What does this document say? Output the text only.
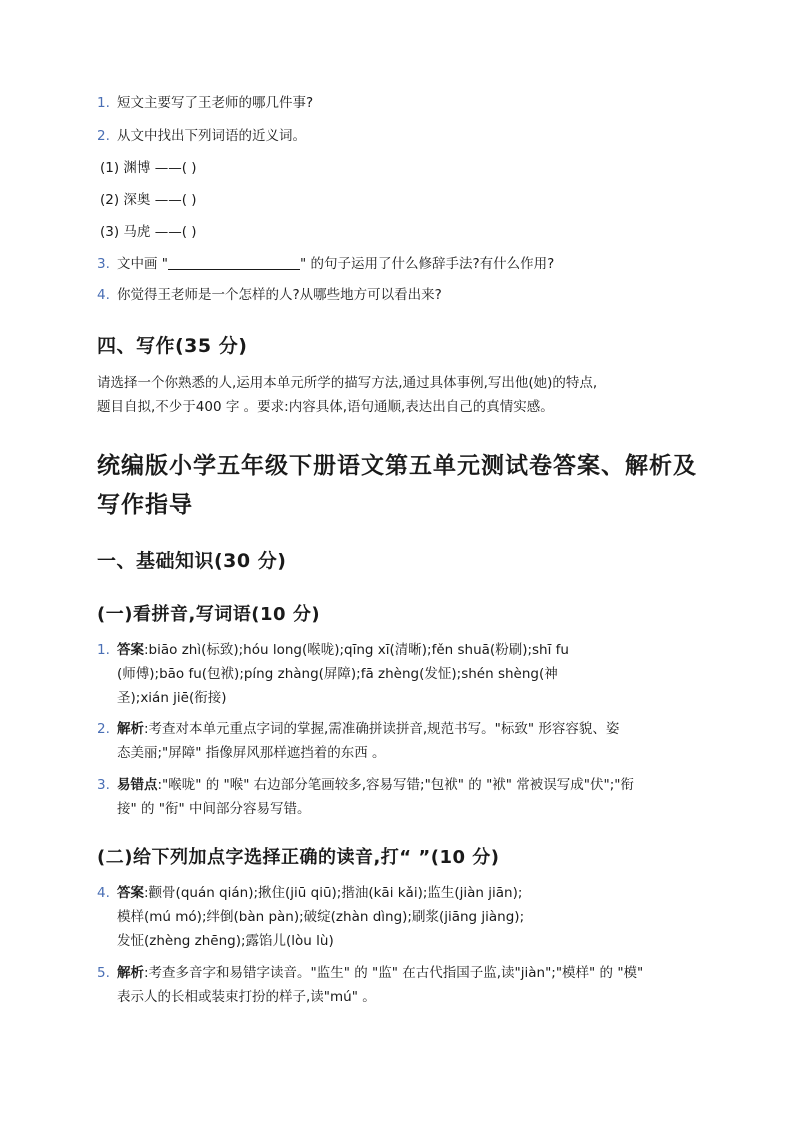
1. 短文主要写了王老师的哪几件事?
2. 从文中找出下列词语的近义词。
(1) 渊博 ——( )
(2) 深奥 ——( )
(3) 马虎 ——( )
3. 文中画 "	" 的句子运用了什么修辞手法?有什么作用?
4. 你觉得王老师是一个怎样的人?从哪些地方可以看出来?
四、写作(35 分)
请选择一个你熟悉的人,运用本单元所学的描写方法,通过具体事例,写出他(她)的特点,
题目自拟,不少于400 字 。要求:内容具体,语句通顺,表达出自己的真情实感。
统编版小学五年级下册语文第五单元测试卷答案、解析及
写作指导
一、基础知识(30 分)
(一)看拼音,写词语(10 分)
1. 答案:biāo zhì(标致);hóu long(喉咙);qīng xī(清晰);fěn shuā(粉刷);shī fu
(师傅);bāo fu(包袱);píng zhàng(屏障);fā zhèng(发怔);shén shèng(神
圣);xián jiē(衔接)
2. 解析:考查对本单元重点字词的掌握,需准确拼读拼音,规范书写。"标致" 形容容貌、姿
态美丽;"屏障" 指像屏风那样遮挡着的东西 。
3. 易错点:"喉咙" 的 "喉" 右边部分笔画较多,容易写错;"包袱" 的 "袱" 常被误写成"伏";"衔
接" 的 "衔" 中间部分容易写错。
(二)给下列加点字选择正确的读音,打“ ”(10 分)
4. 答案:颧骨(quán qián);揪住(jiū qiū);揩油(kāi kǎi);监生(jiàn jiān);
模样(mú mó);绊倒(bàn pàn);破绽(zhàn dìng);刷浆(jiāng jiàng);
发怔(zhèng zhēng);露馅儿(lòu lù)
5. 解析:考查多音字和易错字读音。"监生" 的 "监" 在古代指国子监,读"jiàn";"模样" 的 "模"
表示人的长相或装束打扮的样子,读"mú" 。
